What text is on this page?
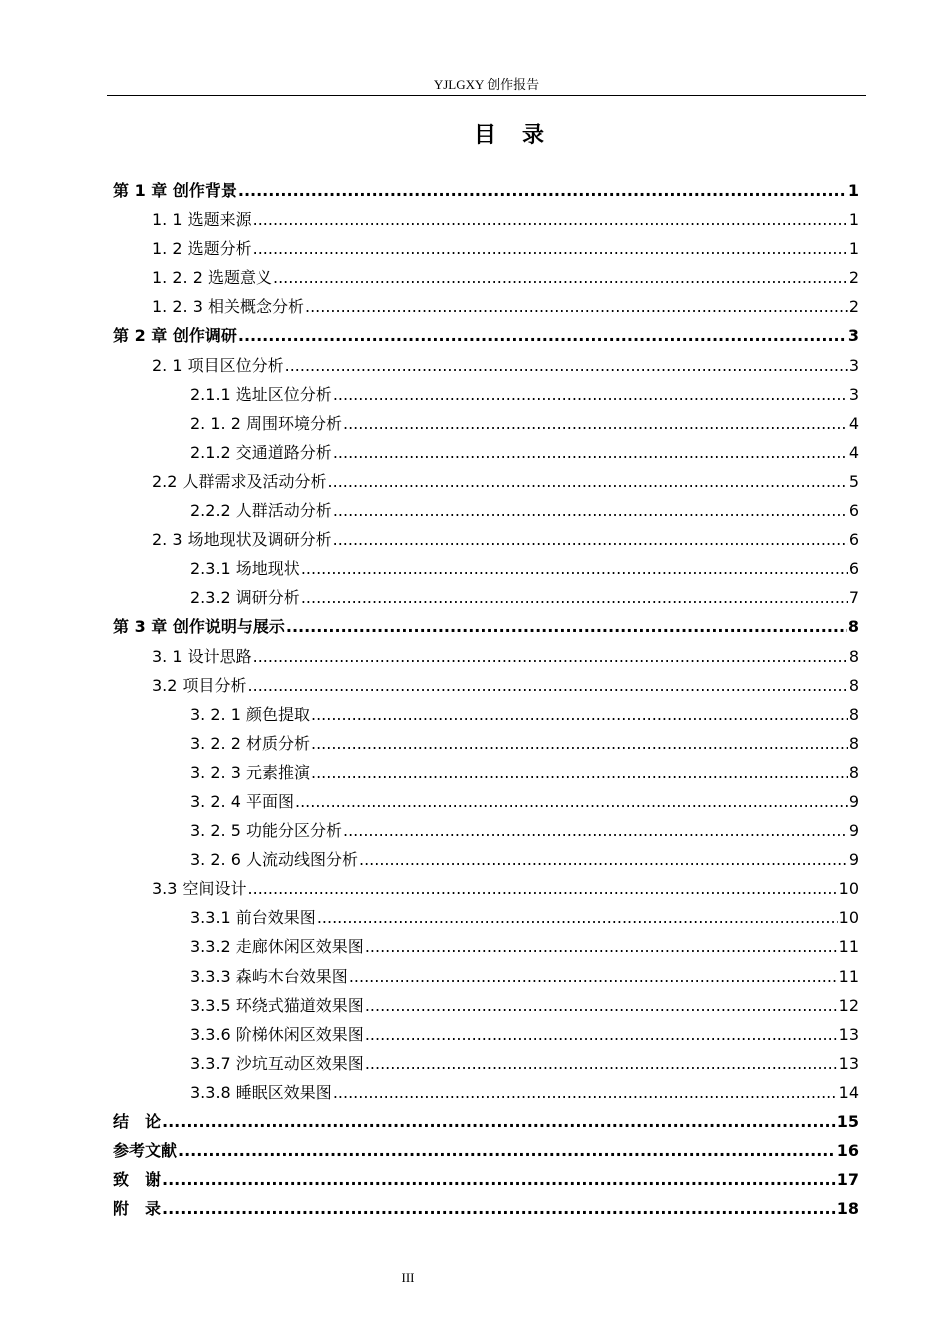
YJLGXY 创作报告
目　录
第 1 章 创作背景 .....	1
1. 1 选题来源 .....	1
1. 2 选题分析 .....	1
1. 2. 2 选题意义 .....	2
1. 2. 3 相关概念分析 .....	2
第 2 章 创作调研 .....	3
2. 1 项目区位分析 .....	3
2.1.1 选址区位分析 .....	3
2. 1. 2 周围环境分析 .....	4
2.1.2 交通道路分析 .....	4
2.2 人群需求及活动分析 .....	5
2.2.2 人群活动分析 .....	6
2. 3 场地现状及调研分析 .....	6
2.3.1 场地现状 .....	6
2.3.2 调研分析 .....	7
第 3 章 创作说明与展示 .....	8
3. 1 设计思路 .....	8
3.2 项目分析 .....	8
3. 2. 1 颜色提取 .....	8
3. 2. 2 材质分析 .....	8
3. 2. 3 元素推演 .....	8
3. 2. 4 平面图 .....	9
3. 2. 5 功能分区分析 .....	9
3. 2. 6 人流动线图分析 .....	9
3.3 空间设计 .....	10
3.3.1 前台效果图 .....	10
3.3.2 走廊休闲区效果图 .....	11
3.3.3 森屿木台效果图 .....	11
3.3.5 环绕式猫道效果图 .....	12
3.3.6 阶梯休闲区效果图 .....	13
3.3.7 沙坑互动区效果图 .....	13
3.3.8 睡眠区效果图 .....	14
结　论 .....	15
参考文献 .....	16
致　谢 .....	17
附　录 .....	18
III
